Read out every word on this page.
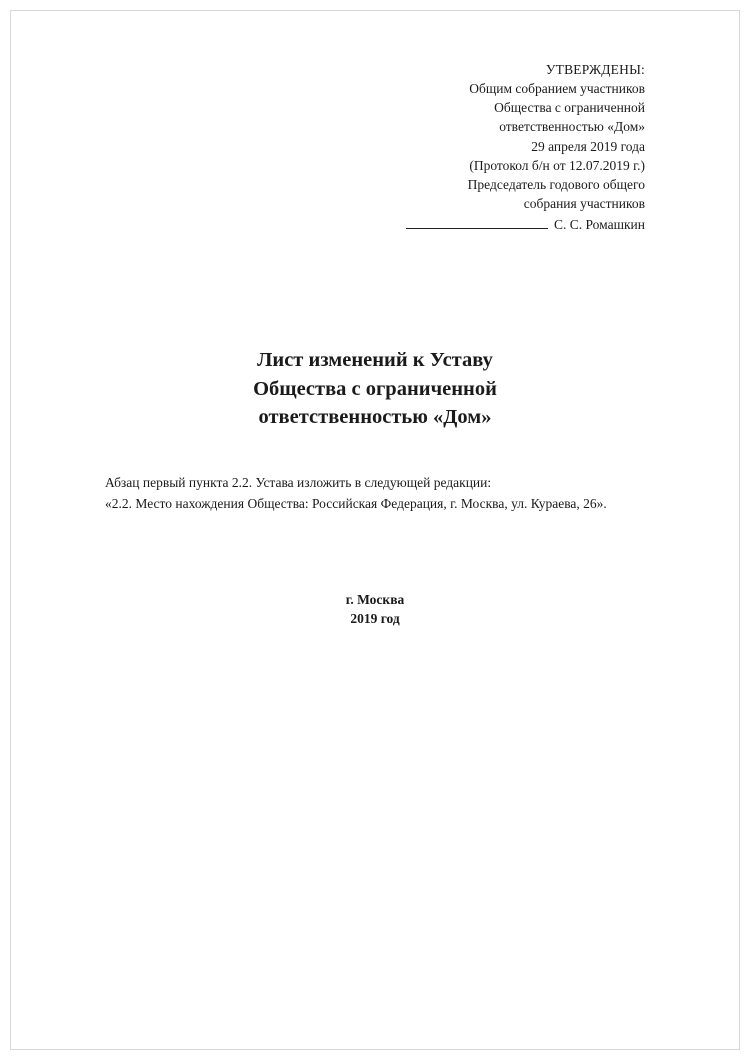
УТВЕРЖДЕНЫ:
Общим собранием участников
Общества с ограниченной
ответственностью «Дом»
29 апреля 2019 года
(Протокол б/н от 12.07.2019 г.)
Председатель годового общего
собрания участников
С. С. Ромашкин
Лист изменений к Уставу
Общества с ограниченной
ответственностью «Дом»

Абзац первый пункта 2.2. Устава изложить в следующей редакции:

«2.2. Место нахождения Общества: Российская Федерация, г. Москва, ул. Кураева, 26».

г. Москва
2019 год
